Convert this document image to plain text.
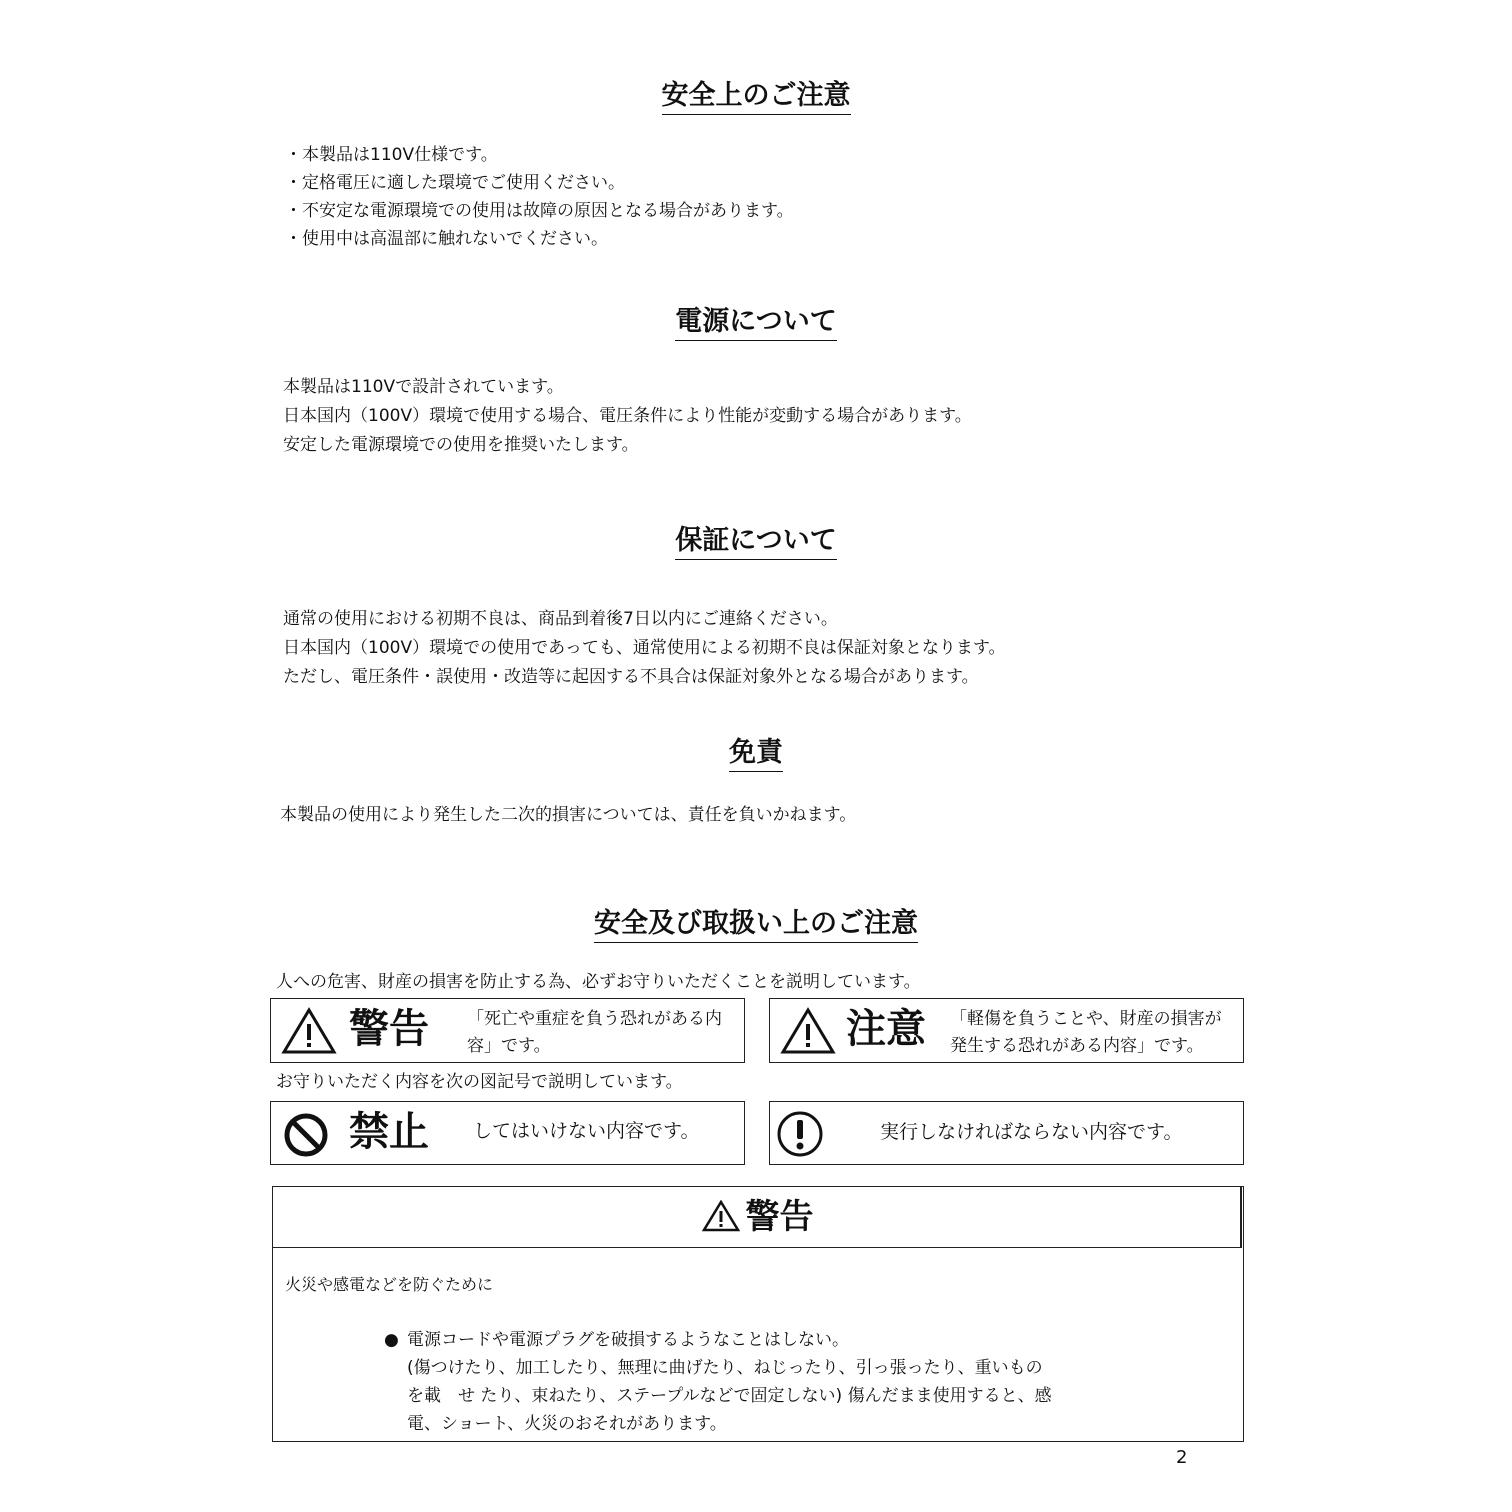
安全上のご注意
・本製品は110V仕様です。
・定格電圧に適した環境でご使用ください。
・不安定な電源環境での使用は故障の原因となる場合があります。
・使用中は高温部に触れないでください。
電源について
本製品は110Vで設計されています。
日本国内（100V）環境で使用する場合、電圧条件により性能が変動する場合があります。
安定した電源環境での使用を推奨いたします。
保証について
通常の使用における初期不良は、商品到着後7日以内にご連絡ください。
日本国内（100V）環境での使用であっても、通常使用による初期不良は保証対象となります。
ただし、電圧条件・誤使用・改造等に起因する不具合は保証対象外となる場合があります。
免責
本製品の使用により発生した二次的損害については、責任を負いかねます。
安全及び取扱い上のご注意
人への危害、財産の損害を防止する為、必ずお守りいただくことを説明しています。
警告 「死亡や重症を負う恐れがある内
容」です。	注意 「軽傷を負うことや、財産の損害が
発生する恐れがある内容」です。
お守りいただく内容を次の図記号で説明しています。
禁止 してはいけない内容です。	実行しなければならない内容です。
警告
火災や感電などを防ぐために
● 電源コードや電源プラグを破損するようなことはしない。
(傷つけたり、加工したり、無理に曲げたり、ねじったり、引っ張ったり、重いもの
を載　せ たり、束ねたり、ステープルなどで固定しない) 傷んだまま使用すると、感
電、ショート、火災のおそれがあります。
2
